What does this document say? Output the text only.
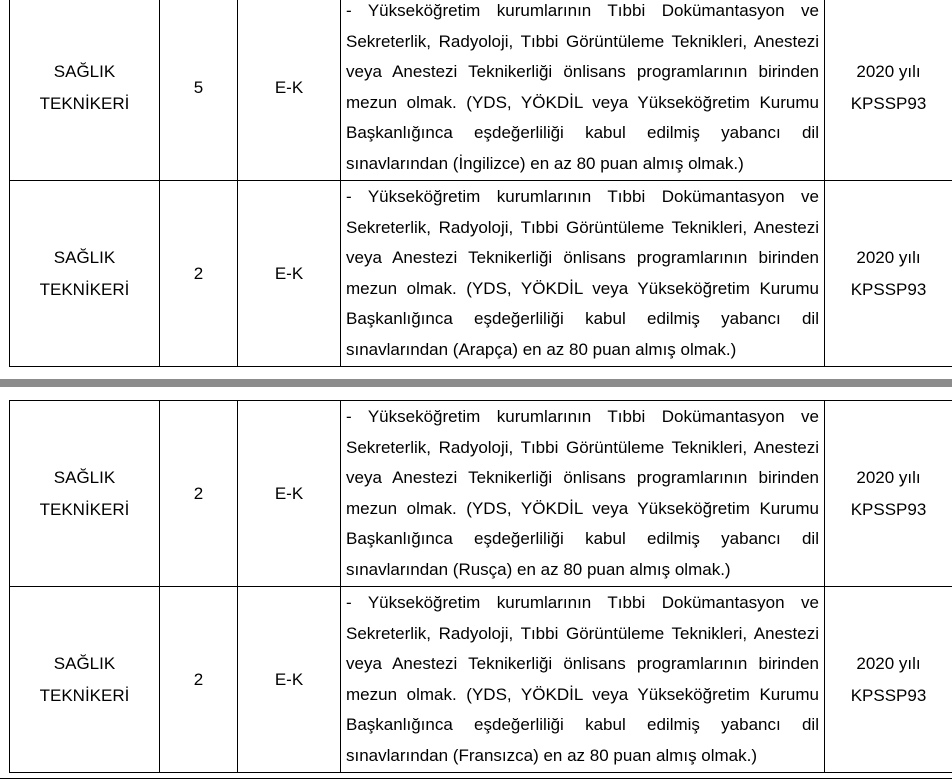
SAĞLIK TEKNİKERİ	5	E-K	- Yükseköğretim kurumlarının Tıbbi Dokümantasyon ve Sekreterlik, Radyoloji, Tıbbi Görüntüleme Teknikleri, Anestezi veya Anestezi Teknikerliği önlisans programlarının birinden mezun olmak. (YDS, YÖKDİL veya Yükseköğretim Kurumu Başkanlığınca eşdeğerliliği kabul edilmiş yabancı dil sınavlarından (İngilizce) en az 80 puan almış olmak.)	2020 yılı KPSSP93
SAĞLIK TEKNİKERİ	2	E-K	- Yükseköğretim kurumlarının Tıbbi Dokümantasyon ve Sekreterlik, Radyoloji, Tıbbi Görüntüleme Teknikleri, Anestezi veya Anestezi Teknikerliği önlisans programlarının birinden mezun olmak. (YDS, YÖKDİL veya Yükseköğretim Kurumu Başkanlığınca eşdeğerliliği kabul edilmiş yabancı dil sınavlarından (Arapça) en az 80 puan almış olmak.)	2020 yılı KPSSP93
SAĞLIK TEKNİKERİ	2	E-K	- Yükseköğretim kurumlarının Tıbbi Dokümantasyon ve Sekreterlik, Radyoloji, Tıbbi Görüntüleme Teknikleri, Anestezi veya Anestezi Teknikerliği önlisans programlarının birinden mezun olmak. (YDS, YÖKDİL veya Yükseköğretim Kurumu Başkanlığınca eşdeğerliliği kabul edilmiş yabancı dil sınavlarından (Rusça) en az 80 puan almış olmak.)	2020 yılı KPSSP93
SAĞLIK TEKNİKERİ	2	E-K	- Yükseköğretim kurumlarının Tıbbi Dokümantasyon ve Sekreterlik, Radyoloji, Tıbbi Görüntüleme Teknikleri, Anestezi veya Anestezi Teknikerliği önlisans programlarının birinden mezun olmak. (YDS, YÖKDİL veya Yükseköğretim Kurumu Başkanlığınca eşdeğerliliği kabul edilmiş yabancı dil sınavlarından (Fransızca) en az 80 puan almış olmak.)	2020 yılı KPSSP93
